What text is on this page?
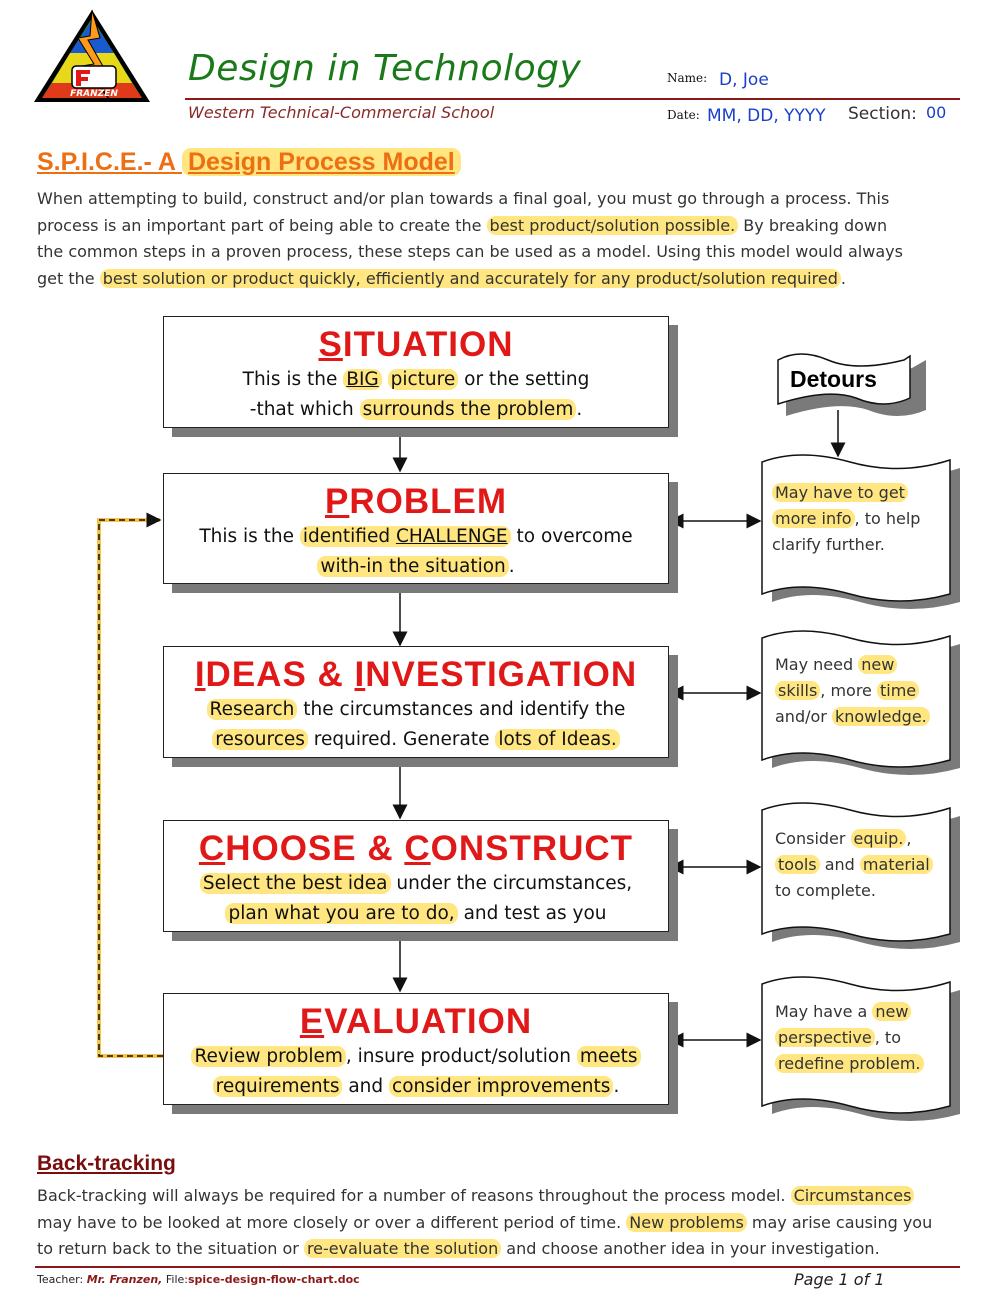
FRANZEN
Design in Technology
Western Technical-Commercial School
Name: D, Joe
Date: MM, DD, YYYY Section: 00
S.P.I.C.E.- A Design Process Model
When attempting to build, construct and/or plan towards a final goal, you must go through a process. This
process is an important part of being able to create the best product/solution possible. By breaking down
the common steps in a proven process, these steps can be used as a model. Using this model would always
get the best solution or product quickly, efficiently and accurately for any product/solution required .
Detours
SITUATION
This is the BIG picture or the setting
-that which surrounds the problem .
PROBLEM
This is the identified CHALLENGE to overcome
with-in the situation .
IDEAS & INVESTIGATION
Research the circumstances and identify the
resources required. Generate lots of Ideas.
CHOOSE & CONSTRUCT
Select the best idea under the circumstances,
plan what you are to do, and test as you
EVALUATION
Review problem , insure product/solution meets
requirements and consider improvements .
May have to get
more info , to help
clarify further.
May need new
skills , more time
and/or knowledge.
Consider equip. ,
tools and material
to complete.
May have a new
perspective , to
redefine problem.
Back-tracking
Back-tracking will always be required for a number of reasons throughout the process model. Circumstances
may have to be looked at more closely or over a different period of time. New problems may arise causing you
to return back to the situation or re-evaluate the solution and choose another idea in your investigation.
Teacher: Mr. Franzen, File:spice-design-flow-chart.doc	Page 1 of 1
